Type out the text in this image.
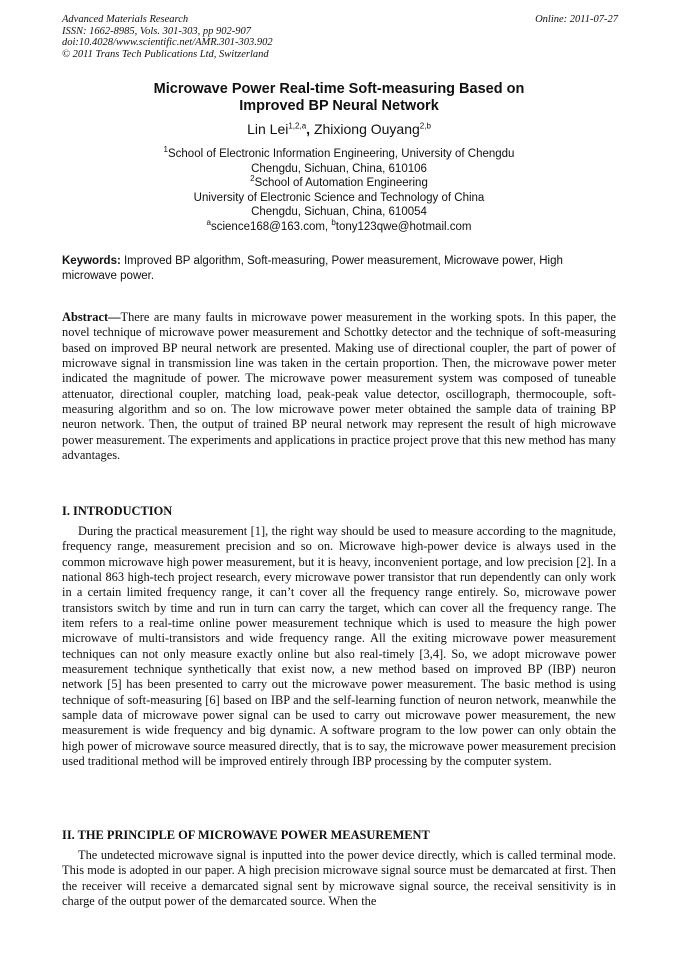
Advanced Materials Research
ISSN: 1662-8985, Vols. 301-303, pp 902-907
doi:10.4028/www.scientific.net/AMR.301-303.902
© 2011 Trans Tech Publications Ltd, Switzerland
Online: 2011-07-27
Microwave Power Real-time Soft-measuring Based on
Improved BP Neural Network
Lin Lei$^{1,2,a}$, Zhixiong Ouyang$^{2,b}$
$^1$School of Electronic Information Engineering, University of Chengdu
Chengdu, Sichuan, China, 610106
$^2$School of Automation Engineering
University of Electronic Science and Technology of China
Chengdu, Sichuan, China, 610054
$^a$science168@163.com, $^b$tony123qwe@hotmail.com
Keywords: Improved BP algorithm, Soft-measuring, Power measurement, Microwave power, High microwave power.
Abstract—There are many faults in microwave power measurement in the working spots. In this paper, the novel technique of microwave power measurement and Schottky detector and the technique of soft-measuring based on improved BP neural network are presented. Making use of directional coupler, the part of power of microwave signal in transmission line was taken in the certain proportion. Then, the microwave power meter indicated the magnitude of power. The microwave power measurement system was composed of tuneable attenuator, directional coupler, matching load, peak-peak value detector, oscillograph, thermocouple, soft-measuring algorithm and so on. The low microwave power meter obtained the sample data of training BP neuron network. Then, the output of trained BP neural network may represent the result of high microwave power measurement. The experiments and applications in practice project prove that this new method has many advantages.
I. INTRODUCTION
During the practical measurement [1], the right way should be used to measure according to the magnitude, frequency range, measurement precision and so on. Microwave high-power device is always used in the common microwave high power measurement, but it is heavy, inconvenient portage, and low precision [2]. In a national 863 high-tech project research, every microwave power transistor that run dependently can only work in a certain limited frequency range, it can’t cover all the frequency range entirely. So, microwave power transistors switch by time and run in turn can carry the target, which can cover all the frequency range. The item refers to a real-time online power measurement technique which is used to measure the high power microwave of multi-transistors and wide frequency range. All the exiting microwave power measurement techniques can not only measure exactly online but also real-timely [3,4]. So, we adopt microwave power measurement technique synthetically that exist now, a new method based on improved BP (IBP) neuron network [5] has been presented to carry out the microwave power measurement. The basic method is using technique of soft-measuring [6] based on IBP and the self-learning function of neuron network, meanwhile the sample data of microwave power signal can be used to carry out microwave power measurement, the new measurement is wide frequency and big dynamic. A software program to the low power can only obtain the high power of microwave source measured directly, that is to say, the microwave power measurement precision used traditional method will be improved entirely through IBP processing by the computer system.
II. THE PRINCIPLE OF MICROWAVE POWER MEASUREMENT
The undetected microwave signal is inputted into the power device directly, which is called terminal mode. This mode is adopted in our paper. A high precision microwave signal source must be demarcated at first. Then the receiver will receive a demarcated signal sent by microwave signal source, the receival sensitivity is in charge of the output power of the demarcated source. When the
